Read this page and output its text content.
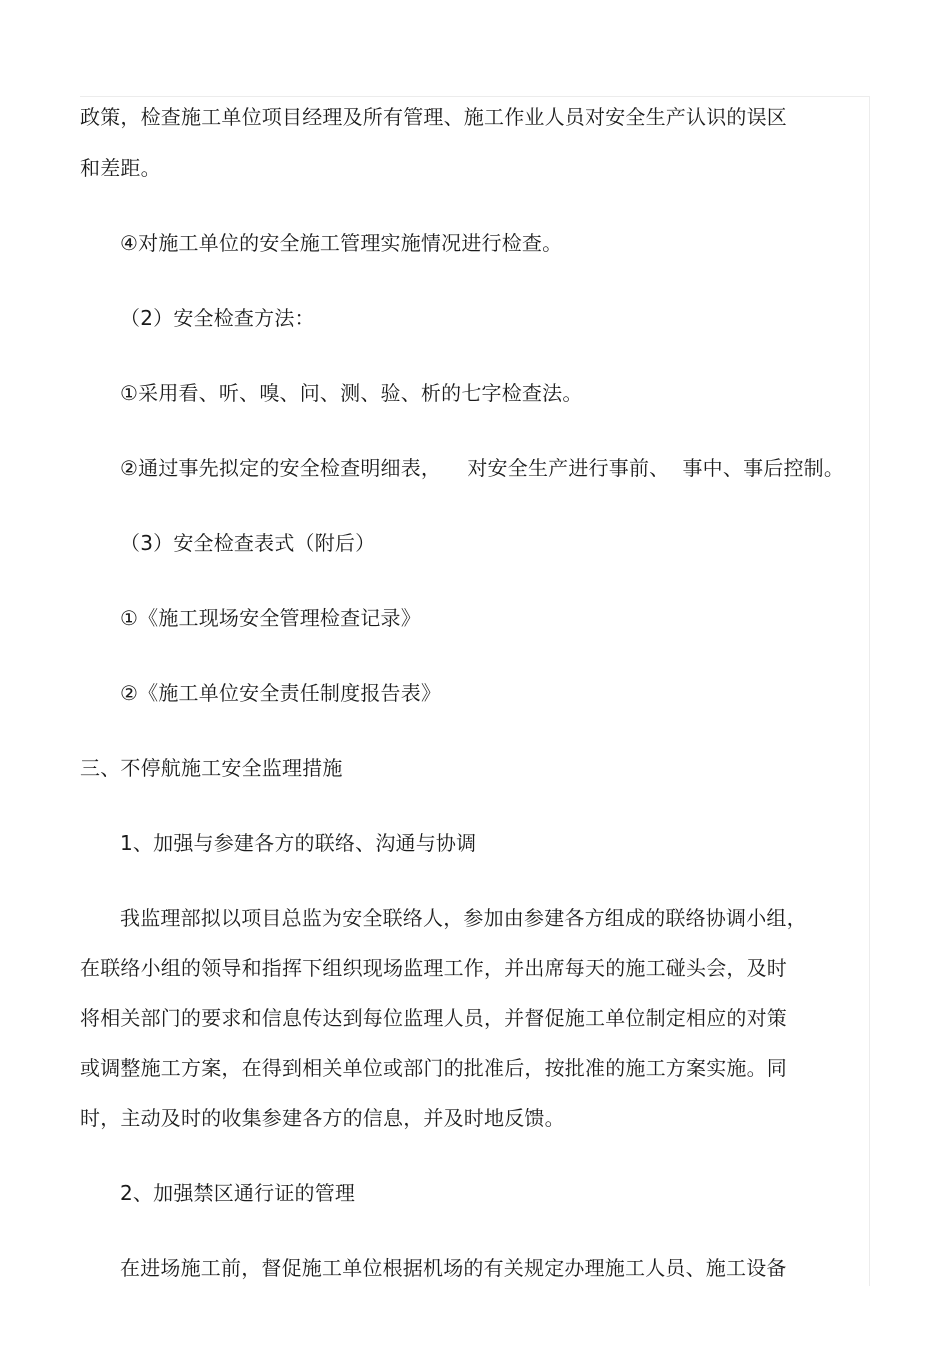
政策，检查施工单位项目经理及所有管理、施工作业人员对安全生产认识的误区
和差距。
④对施工单位的安全施工管理实施情况进行检查。
（2）安全检查方法：
①采用看、听、嗅、问、测、验、析的七字检查法。
②通过事先拟定的安全检查明细表，    对安全生产进行事前、  事中、事后控制。
（3）安全检查表式（附后）
①《施工现场安全管理检查记录》
②《施工单位安全责任制度报告表》
三、不停航施工安全监理措施
1、加强与参建各方的联络、沟通与协调
我监理部拟以项目总监为安全联络人，参加由参建各方组成的联络协调小组，
在联络小组的领导和指挥下组织现场监理工作，并出席每天的施工碰头会，及时
将相关部门的要求和信息传达到每位监理人员，并督促施工单位制定相应的对策
或调整施工方案，在得到相关单位或部门的批准后，按批准的施工方案实施。同
时，主动及时的收集参建各方的信息，并及时地反馈。
2、加强禁区通行证的管理
在进场施工前，督促施工单位根据机场的有关规定办理施工人员、施工设备
